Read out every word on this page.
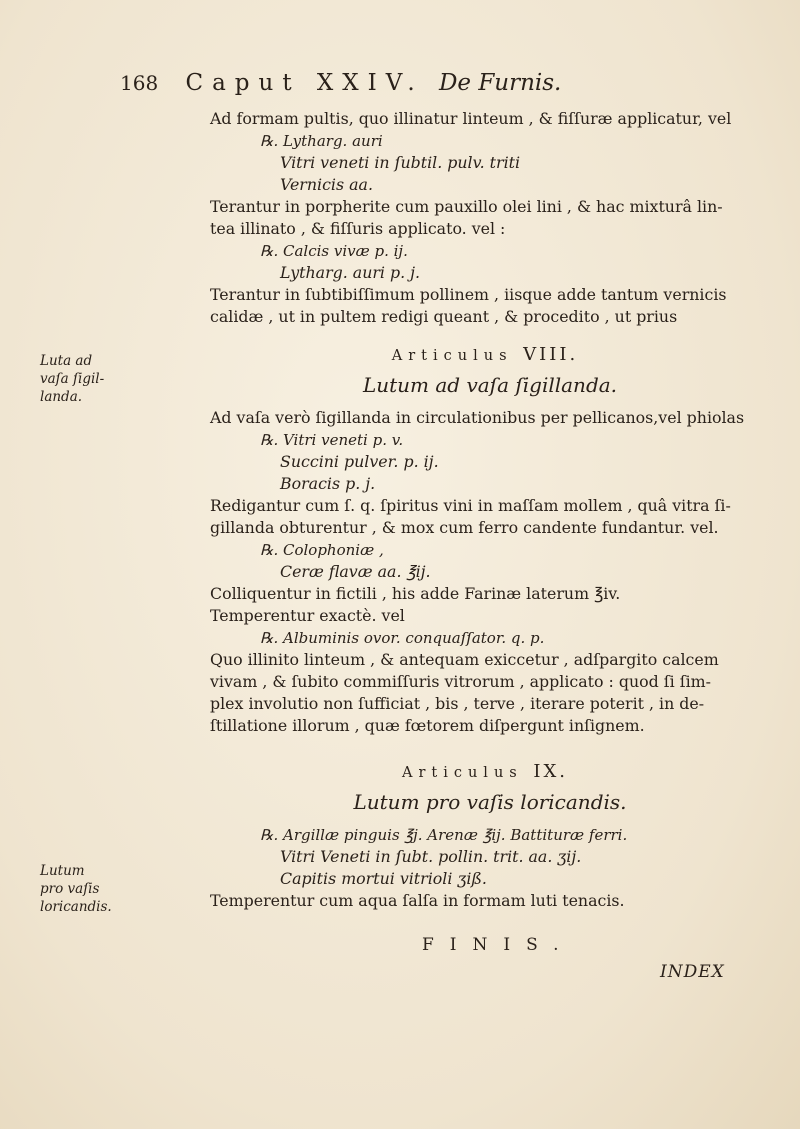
168 Caput XXIV. De Furnis.
Ad formam pultis, quo illinatur linteum , & fiſſuræ applicatur, vel
℞. Lytharg. auri
Vitri veneti in ſubtil. pulv. triti
Vernicis aa.
Terantur in porpherite cum pauxillo olei lini , & hac mixturâ lin-
tea illinato , & fiſſuris applicato. vel :
℞. Calcis vivæ p. ij.
Lytharg. auri p. j.
Terantur in ſubtibiſſimum pollinem , iisque adde tantum vernicis
calidæ , ut in pultem redigi queant , & procedito , ut prius
Articulus VIII.
Lutum ad vaſa ſigillanda.
Ad vaſa verò ſigillanda in circulationibus per pellicanos,vel phiolas
℞. Vitri veneti p. v.
Succini pulver. p. ij.
Boracis p. j.
Redigantur cum ſ. q. ſpiritus vini in maſſam mollem , quâ vitra ſi-
gillanda obturentur , & mox cum ferro candente fundantur. vel.
℞. Colophoniæ ,
Ceræ flavæ aa. ℥ij.
Colliquentur in fictili , his adde Farinæ laterum ℥iv.
Temperentur exactè. vel
℞. Albuminis ovor. conquaſſator. q. p.
Quo illinito linteum , & antequam exiccetur , adſpargito calcem
vivam , & ſubito commiſſuris vitrorum , applicato : quod ſi ſim-
plex involutio non ſufficiat , bis , terve , iterare poterit , in de-
ſtillatione illorum , quæ fœtorem diſpergunt inſignem.
Articulus IX.
Lutum pro vaſis loricandis.
℞. Argillæ pinguis ℥j. Arenæ ℥ij. Battituræ ferri.
Vitri Veneti in ſubt. pollin. trit. aa. ʒij.
Capitis mortui vitrioli ʒiß.
Temperentur cum aqua ſalſa in formam luti tenacis.
Luta ad
vaſa ſigil-
landa.
Lutum
pro vaſis
loricandis.
FINIS.
INDEX
